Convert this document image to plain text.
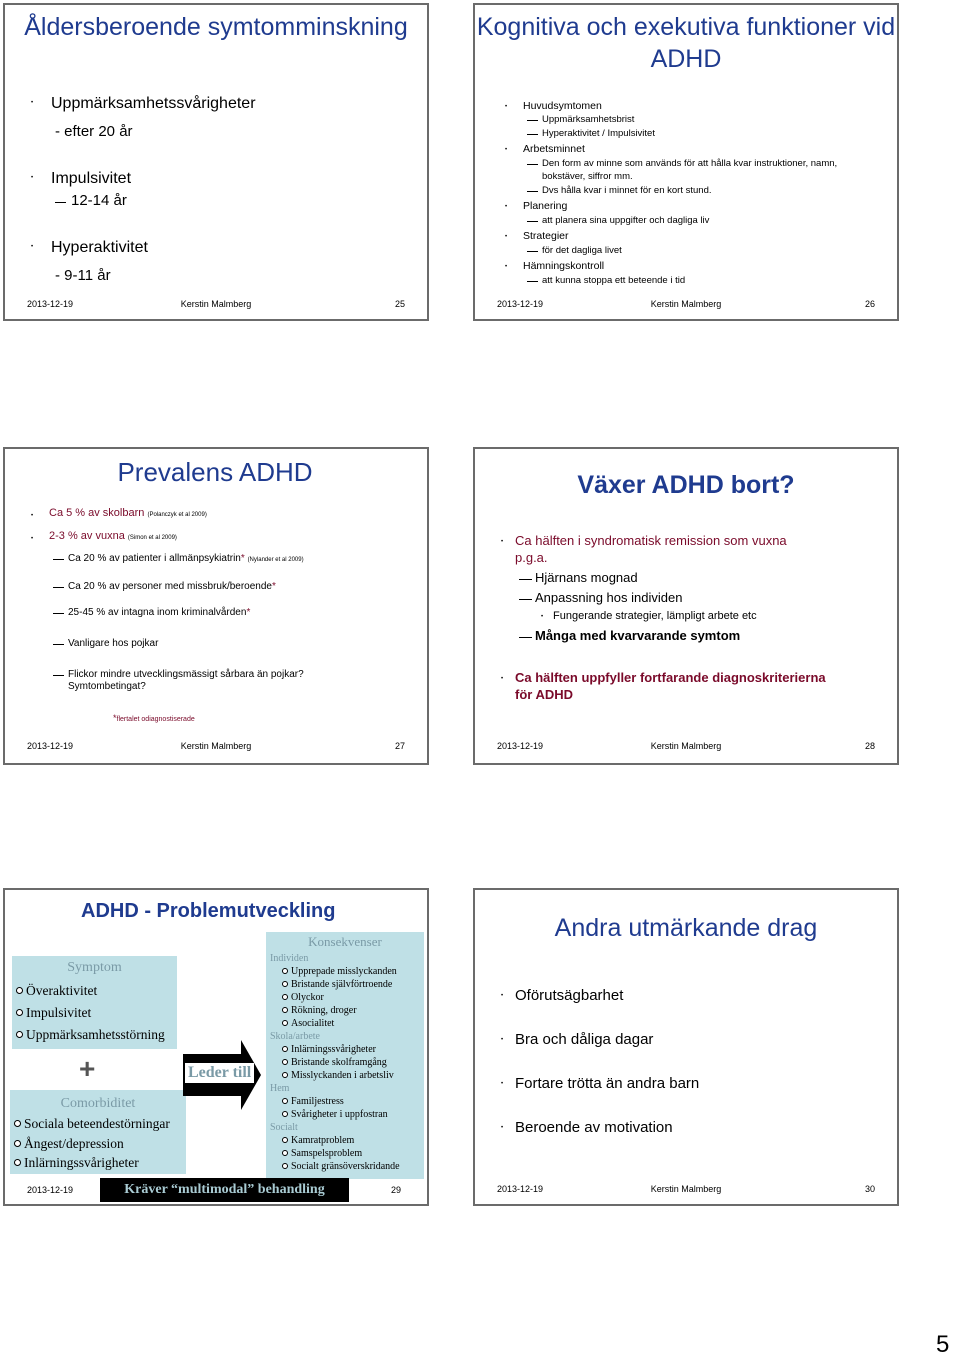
Åldersberoende symtomminskning
• Uppmärksamhetssvårigheter
- efter 20 år
• Impulsivitet
12-14 år
• Hyperaktivitet
- 9-11 år
2013-12-19	Kerstin Malmberg	25
Kognitiva och exekutiva funktioner vid ADHD
• Huvudsymtomen
Uppmärksamhetsbrist
Hyperaktivitet / Impulsivitet
• Arbetsminnet
Den form av minne som används för att hålla kvar instruktioner, namn,
bokstäver, siffror mm.
Dvs hålla kvar i minnet för en kort stund.
• Planering
att planera sina uppgifter och dagliga liv
• Strategier
för det dagliga livet
• Hämningskontroll
att kunna stoppa ett beteende i tid
2013-12-19	Kerstin Malmberg	26
Prevalens ADHD
• Ca 5 % av skolbarn (Polanczyk et al 2009)
• 2-3 % av vuxna (Simon et al 2009)
Ca 20 % av patienter i allmänpsykiatrin* (Nylander et al 2009)
Ca 20 % av personer med missbruk/beroende*
25-45 % av intagna inom kriminalvården*
Vanligare hos pojkar
Flickor mindre utvecklingsmässigt sårbara än pojkar?
Symtombetingat?
*flertalet odiagnostiserade
2013-12-19	Kerstin Malmberg	27
Växer ADHD bort?
• Ca hälften i syndromatisk remission som vuxna
p.g.a.
Hjärnans mognad
Anpassning hos individen
• Fungerande strategier, lämpligt arbete etc
Många med kvarvarande symtom
• Ca hälften uppfyller fortfarande diagnoskriterierna
för ADHD
2013-12-19	Kerstin Malmberg	28
ADHD - Problemutveckling
Symptom
Överaktivitet
Impulsivitet
Uppmärksamhetsstörning
+
Comorbiditet
Sociala beteendestörningar
Ångest/depression
Inlärningssvårigheter
Leder till
Konsekvenser
Individen
Upprepade misslyckanden
Bristande självförtroende
Olyckor
Rökning, droger
Asocialitet
Skola/arbete
Inlärningssvårigheter
Bristande skolframgång
Misslyckanden i arbetsliv
Hem
Familjestress
Svårigheter i uppfostran
Socialt
Kamratproblem
Samspelsproblem
Socialt gränsöverskridande
Kräver “multimodal” behandling
2013-12-19	29
Andra utmärkande drag
• Oförutsägbarhet
• Bra och dåliga dagar
• Fortare trötta än andra barn
• Beroende av motivation
2013-12-19	Kerstin Malmberg	30
5
